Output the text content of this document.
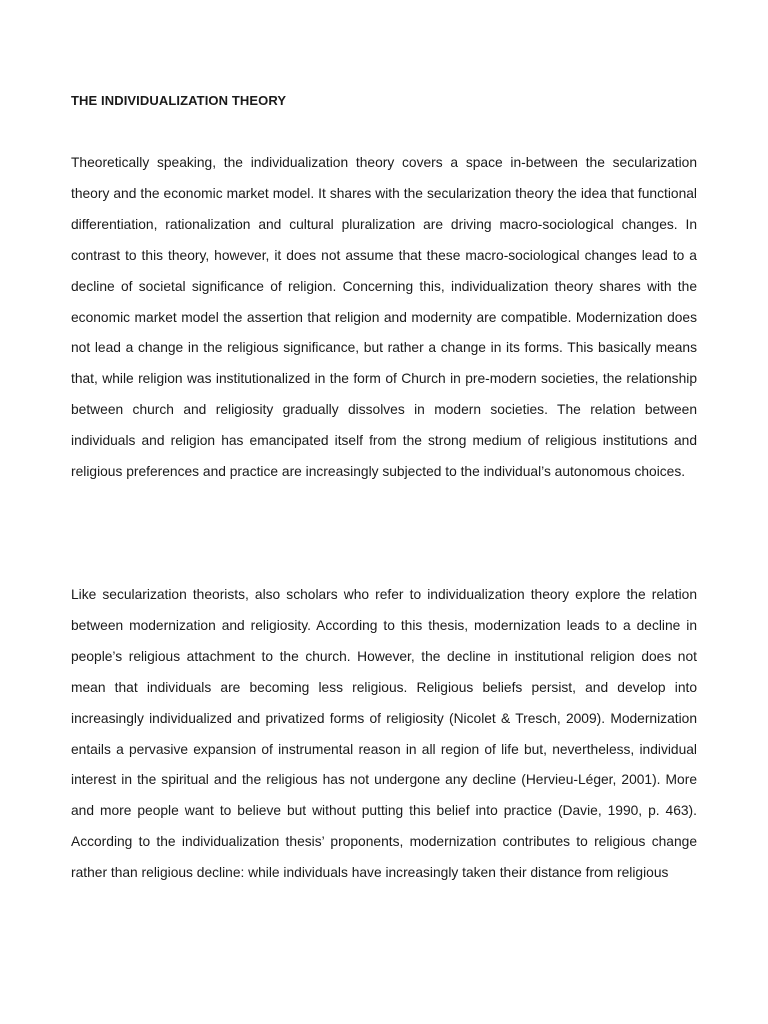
THE INDIVIDUALIZATION THEORY

Theoretically speaking, the individualization theory covers a space in-between the secularization theory and the economic market model. It shares with the secularization theory the idea that functional differentiation, rationalization and cultural pluralization are driving macro-sociological changes. In contrast to this theory, however, it does not assume that these macro-sociological changes lead to a decline of societal significance of religion. Concerning this, individualization theory shares with the economic market model the assertion that religion and modernity are compatible. Modernization does not lead a change in the religious significance, but rather a change in its forms. This basically means that, while religion was institutionalized in the form of Church in pre-modern societies, the relationship between church and religiosity gradually dissolves in modern societies. The relation between individuals and religion has emancipated itself from the strong medium of religious institutions and religious preferences and practice are increasingly subjected to the individual’s autonomous choices.

Like secularization theorists, also scholars who refer to individualization theory explore the relation between modernization and religiosity. According to this thesis, modernization leads to a decline in people’s religious attachment to the church. However, the decline in institutional religion does not mean that individuals are becoming less religious. Religious beliefs persist, and develop into increasingly individualized and privatized forms of religiosity (Nicolet & Tresch, 2009). Modernization entails a pervasive expansion of instrumental reason in all region of life but, nevertheless, individual interest in the spiritual and the religious has not undergone any decline (Hervieu-Léger, 2001). More and more people want to believe but without putting this belief into practice (Davie, 1990, p. 463). According to the individualization thesis’ proponents, modernization contributes to religious change rather than religious decline: while individuals have increasingly taken their distance from religious
